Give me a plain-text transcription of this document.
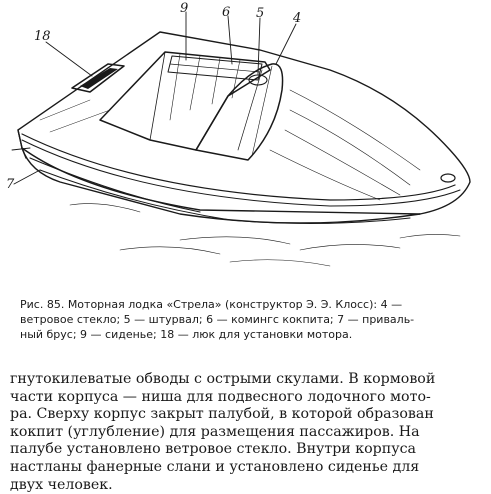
18
9	6 5 4
7
Рис. 85. Моторная лодка «Стрела» (конструктор Э. Э. Клосс): 4 —
ветровое стекло; 5 — штурвал; 6 — комингс кокпита; 7 — приваль-
ный брус; 9 — сиденье; 18 — люк для установки мотора.
гнутокилеватые обводы с острыми скулами. В кормовой
части корпуса — ниша для подвесного лодочного мото-
ра. Сверху корпус закрыт палубой, в которой образован
кокпит (углубление) для размещения пассажиров. На
палубе установлено ветровое стекло. Внутри корпуса
настланы фанерные слани и установлено сиденье для
двух человек.
